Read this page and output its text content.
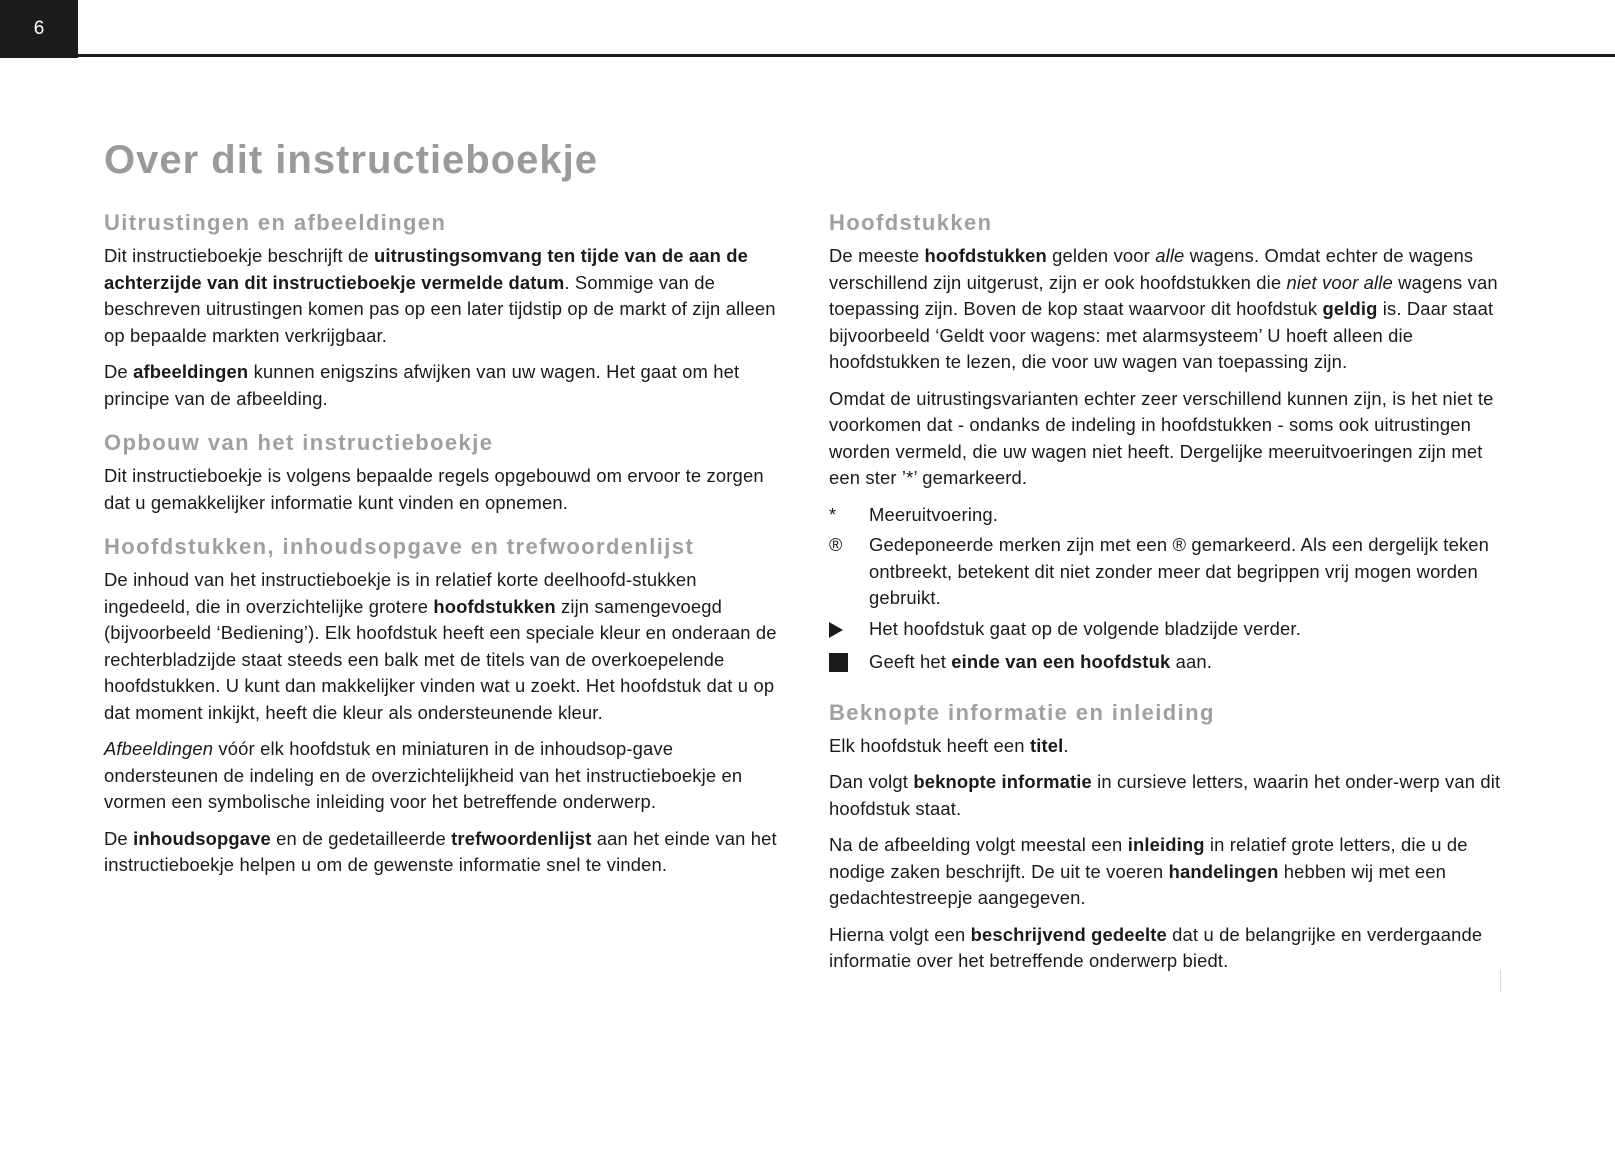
6
Over dit instructieboekje
Uitrustingen en afbeeldingen

Dit instructieboekje beschrijft de uitrustingsomvang ten tijde van de aan de achterzijde van dit instructieboekje vermelde datum. Sommige van de beschreven uitrustingen komen pas op een later tijdstip op de markt of zijn alleen op bepaalde markten verkrijgbaar.

De afbeeldingen kunnen enigszins afwijken van uw wagen. Het gaat om het principe van de afbeelding.

Opbouw van het instructieboekje

Dit instructieboekje is volgens bepaalde regels opgebouwd om ervoor te zorgen dat u gemakkelijker informatie kunt vinden en opnemen.

Hoofdstukken, inhoudsopgave en trefwoordenlijst

De inhoud van het instructieboekje is in relatief korte deelhoofd-stukken ingedeeld, die in overzichtelijke grotere hoofdstukken zijn samengevoegd (bijvoorbeeld ‘Bediening’). Elk hoofdstuk heeft een speciale kleur en onderaan de rechterbladzijde staat steeds een balk met de titels van de overkoepelende hoofdstukken. U kunt dan makkelijker vinden wat u zoekt. Het hoofdstuk dat u op dat moment inkijkt, heeft die kleur als ondersteunende kleur.

Afbeeldingen vóór elk hoofdstuk en miniaturen in de inhoudsop-gave ondersteunen de indeling en de overzichtelijkheid van het instructieboekje en vormen een symbolische inleiding voor het betreffende onderwerp.

De inhoudsopgave en de gedetailleerde trefwoordenlijst aan het einde van het instructieboekje helpen u om de gewenste informatie snel te vinden.

Hoofdstukken

De meeste hoofdstukken gelden voor alle wagens. Omdat echter de wagens verschillend zijn uitgerust, zijn er ook hoofdstukken die niet voor alle wagens van toepassing zijn. Boven de kop staat waarvoor dit hoofdstuk geldig is. Daar staat bijvoorbeeld ‘Geldt voor wagens: met alarmsysteem’ U hoeft alleen die hoofdstukken te lezen, die voor uw wagen van toepassing zijn.

Omdat de uitrustingsvarianten echter zeer verschillend kunnen zijn, is het niet te voorkomen dat - ondanks de indeling in hoofdstukken - soms ook uitrustingen worden vermeld, die uw wagen niet heeft. Dergelijke meeruitvoeringen zijn met een ster ’*’ gemarkeerd.

*	Meeruitvoering.
®	Gedeponeerde merken zijn met een ® gemarkeerd. Als een dergelijk teken ontbreekt, betekent dit niet zonder meer dat begrippen vrij mogen worden gebruikt.
Het hoofdstuk gaat op de volgende bladzijde verder.
Geeft het einde van een hoofdstuk aan.
Beknopte informatie en inleiding

Elk hoofdstuk heeft een titel.

Dan volgt beknopte informatie in cursieve letters, waarin het onder-werp van dit hoofdstuk staat.

Na de afbeelding volgt meestal een inleiding in relatief grote letters, die u de nodige zaken beschrijft. De uit te voeren handelingen hebben wij met een gedachtestreepje aangegeven.

Hierna volgt een beschrijvend gedeelte dat u de belangrijke en verdergaande informatie over het betreffende onderwerp biedt.
